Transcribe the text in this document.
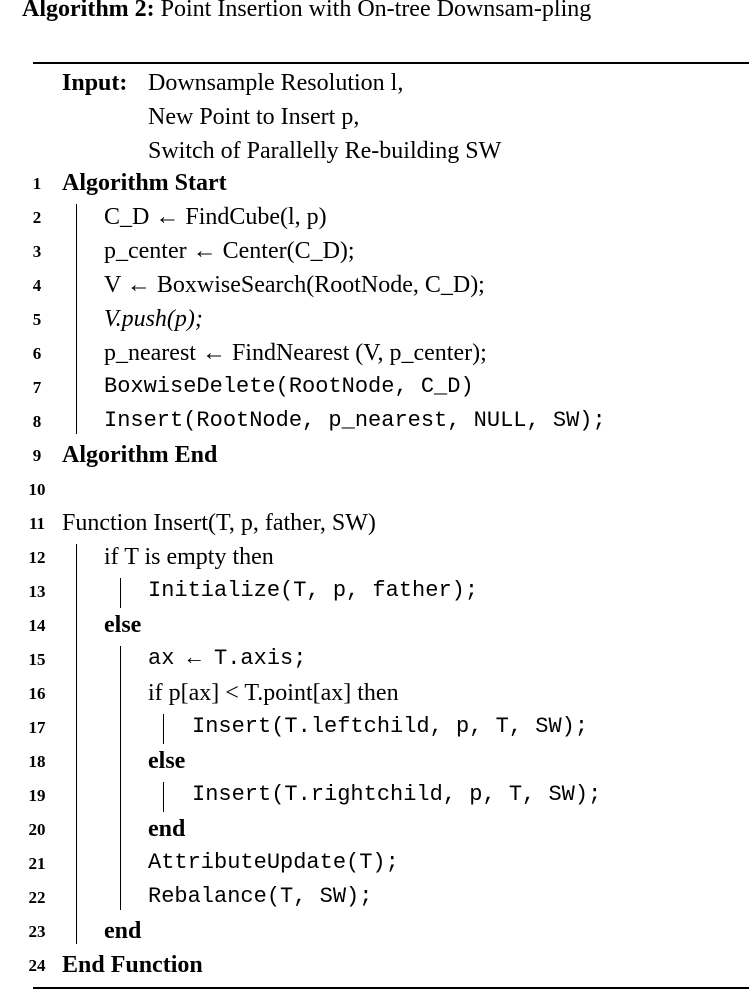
Algorithm 2: Point Insertion with On-tree Downsam-pling
Input: Downsample Resolution l,
New Point to Insert p,
Switch of Parallelly Re-building SW
1 Algorithm Start
2	C_D ← FindCube(l, p)
3	p_center ← Center(C_D);
4	V ← BoxwiseSearch(RootNode, C_D);
5	V.push(p);
6	p_nearest ← FindNearest (V, p_center);
7	BoxwiseDelete(RootNode, C_D)
8	Insert(RootNode, p_nearest, NULL, SW);
9 Algorithm End
10
11 Function Insert(T, p, father, SW)
12 if T is empty then
13	Initialize(T, p, father);
14 else
15	ax ← T.axis;
16	if p[ax] < T.point[ax] then
17	Insert(T.leftchild, p, T, SW);
18	else
19	Insert(T.rightchild, p, T, SW);
20	end
21	AttributeUpdate(T);
22	Rebalance(T, SW);
23 end
24 End Function
